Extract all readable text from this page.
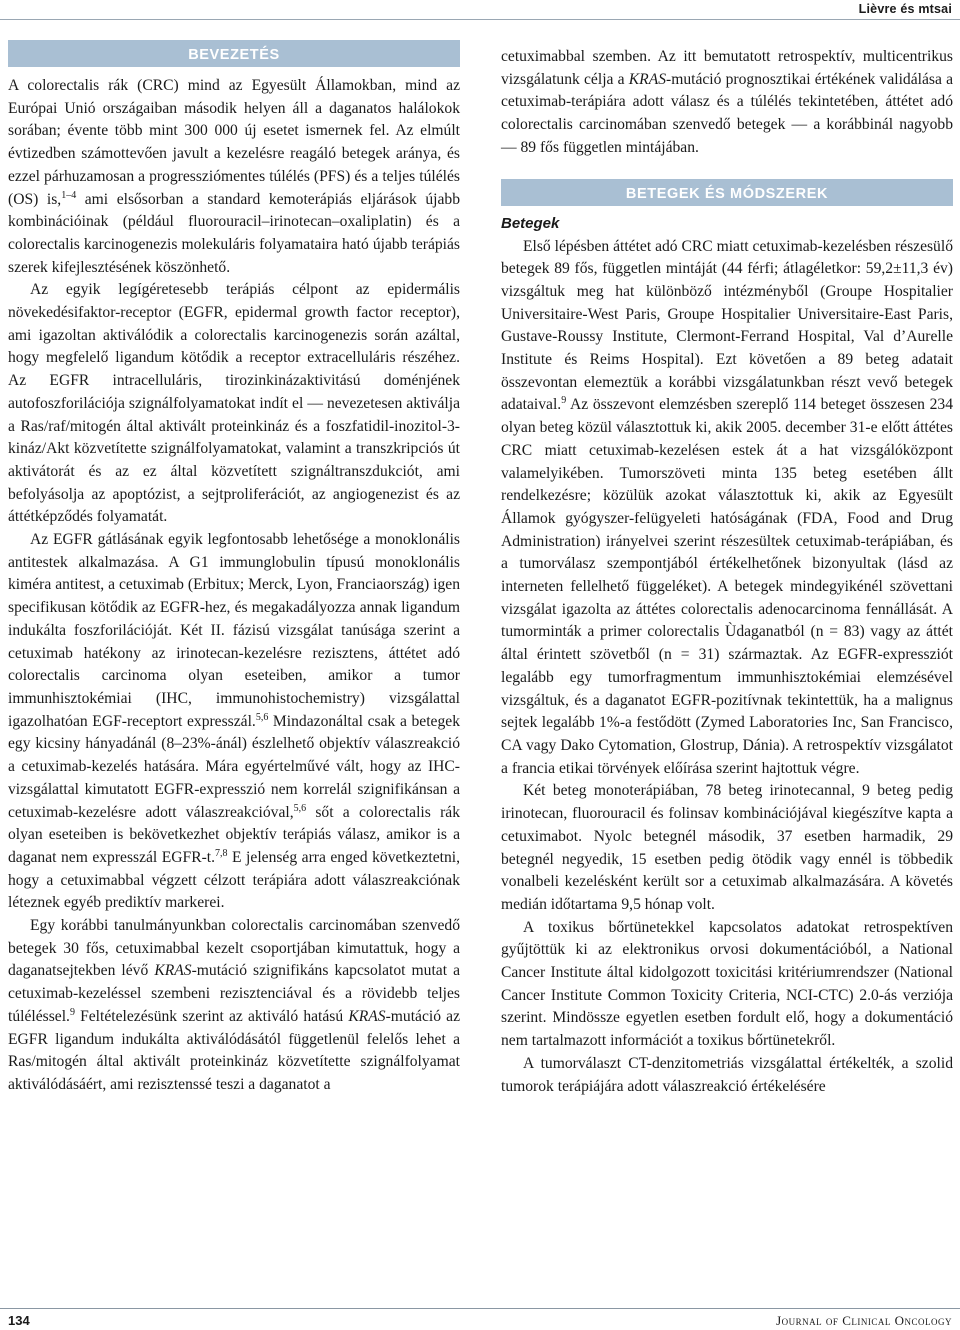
Lièvre és mtsai
BEVEZETÉS

A colorectalis rák (CRC) mind az Egyesült Államokban, mind az Európai Unió országaiban második helyen áll a daganatos halálokok sorában; évente több mint 300 000 új esetet ismernek fel. Az elmúlt évtizedben számottevően javult a kezelésre reagáló betegek aránya, és ezzel párhuzamosan a progressziómentes túlélés (PFS) és a teljes túlélés (OS) is,$^{1-4}$ ami elsősorban a standard kemoterápiás eljárások újabb kombinációinak (például fluorouracil–irinotecan–oxaliplatin) és a colorectalis karcinogenezis molekuláris folyamataira ható újabb terápiás szerek kifejlesztésének köszönhető.

Az egyik legígéretesebb terápiás célpont az epidermális növekedésifaktor-receptor (EGFR, epidermal growth factor receptor), ami igazoltan aktiválódik a colorectalis karcinogenezis során azáltal, hogy megfelelő ligandum kötődik a receptor extracelluláris részéhez. Az EGFR intracelluláris, tirozinkinázaktivitású doménjének autofoszforilációja szignálfolyamatokat indít el — nevezetesen aktiválja a Ras/raf/mitogén által aktivált proteinkináz és a foszfatidil-inozitol-3-kináz/Akt közvetítette szignálfolyamatokat, valamint a transzkripciós út aktivátorát és az ez által közvetített szignáltranszdukciót, ami befolyásolja az apoptózist, a sejtproliferációt, az angiogenezist és az áttétképződés folyamatát.

Az EGFR gátlásának egyik legfontosabb lehetősége a monoklonális antitestek alkalmazása. A G1 immunglobulin típusú monoklonális kiméra antitest, a cetuximab (Erbitux; Merck, Lyon, Franciaország) igen specifikusan kötődik az EGFR-hez, és megakadályozza annak ligandum indukálta foszforilációját. Két II. fázisú vizsgálat tanúsága szerint a cetuximab hatékony az irinotecan-kezelésre rezisztens, áttétet adó colorectalis carcinoma olyan eseteiben, amikor a tumor immunhisztokémiai (IHC, immunohistochemistry) vizsgálattal igazolhatóan EGF-receptort expresszál.$^{5,6}$ Mindazonáltal csak a betegek egy kicsiny hányadánál (8–23%-ánál) észlelhető objektív válaszreakció a cetuximab-kezelés hatására. Mára egyértelművé vált, hogy az IHC-vizsgálattal kimutatott EGFR-expresszió nem korrelál szignifikánsan a cetuximab-kezelésre adott válaszreakcióval,$^{5,6}$ sőt a colorectalis rák olyan eseteiben is bekövetkezhet objektív terápiás válasz, amikor is a daganat nem expresszál EGFR-t.$^{7,8}$ E jelenség arra enged következtetni, hogy a cetuximabbal végzett célzott terápiára adott válaszreakciónak léteznek egyéb prediktív markerei.

Egy korábbi tanulmányunkban colorectalis carcinomában szenvedő betegek 30 fős, cetuximabbal kezelt csoportjában kimutattuk, hogy a daganatsejtekben lévő KRAS-mutáció szignifikáns kapcsolatot mutat a cetuximab-kezeléssel szembeni rezisztenciával és a rövidebb teljes túléléssel.$^9$ Feltételezésünk szerint az aktiváló hatású KRAS-mutáció az EGFR ligandum indukálta aktiválódásától függetlenül felelős lehet a Ras/mitogén által aktivált proteinkináz közvetítette szignálfolyamat aktiválódásáért, ami rezisztenssé teszi a daganatot a

cetuximabbal szemben. Az itt bemutatott retrospektív, multicentrikus vizsgálatunk célja a KRAS-mutáció prognosztikai értékének validálása a cetuximab-terápiára adott válasz és a túlélés tekintetében, áttétet adó colorectalis carcinomában szenvedő betegek — a korábbinál nagyobb — 89 fős független mintájában.

BETEGEK ÉS MÓDSZEREK
Betegek

Első lépésben áttétet adó CRC miatt cetuximab-kezelésben részesülő betegek 89 fős, független mintáját (44 férfi; átlagéletkor: 59,2±11,3 év) vizsgáltuk meg hat különböző intézményből (Groupe Hospitalier Universitaire-West Paris, Groupe Hospitalier Universitaire-East Paris, Gustave-Roussy Institute, Clermont-Ferrand Hospital, Val d’Aurelle Institute és Reims Hospital). Ezt követően a 89 beteg adatait összevontan elemeztük a korábbi vizsgálatunkban részt vevő betegek adataival.$^9$ Az összevont elemzésben szereplő 114 beteget összesen 234 olyan beteg közül választottuk ki, akik 2005. december 31-e előtt áttétes CRC miatt cetuximab-kezelésen estek át a hat vizsgálóközpont valamelyikében. Tumorszöveti minta 135 beteg esetében állt rendelkezésre; közülük azokat választottuk ki, akik az Egyesült Államok gyógyszer-felügyeleti hatóságának (FDA, Food and Drug Administration) irányelvei szerint részesültek cetuximab-terápiában, és a tumorválasz szempontjából értékelhetőnek bizonyultak (lásd az interneten fellelhető függeléket). A betegek mindegyikénél szövettani vizsgálat igazolta az áttétes colorectalis adenocarcinoma fennállását. A tumorminták a primer colorectalis Ùdaganatból (n = 83) vagy az áttét által érintett szövetből (n = 31) származtak. Az EGFR-expressziót legalább egy tumorfragmentum immunhisztokémiai elemzésével vizsgáltuk, és a daganatot EGFR-pozitívnak tekintettük, ha a malignus sejtek legalább 1%-a festődött (Zymed Laboratories Inc, San Francisco, CA vagy Dako Cytomation, Glostrup, Dánia). A retrospektív vizsgálatot a francia etikai törvények előírása szerint hajtottuk végre.

Két beteg monoterápiában, 78 beteg irinotecannal, 9 beteg pedig irinotecan, fluorouracil és folinsav kombinációjával kiegészítve kapta a cetuximabot. Nyolc betegnél második, 37 esetben harmadik, 29 betegnél negyedik, 15 esetben pedig ötödik vagy ennél is többedik vonalbeli kezelésként került sor a cetuximab alkalmazására. A követés medián időtartama 9,5 hónap volt.

A toxikus bőrtünetekkel kapcsolatos adatokat retrospektíven gyűjtöttük ki az elektronikus orvosi dokumentációból, a National Cancer Institute által kidolgozott toxicitási kritériumrendszer (National Cancer Institute Common Toxicity Criteria, NCI-CTC) 2.0-ás verziója szerint. Mindössze egyetlen esetben fordult elő, hogy a dokumentáció nem tartalmazott információt a toxikus bőrtünetekről.

A tumorválaszt CT-denzitometriás vizsgálattal értékelték, a szolid tumorok terápiájára adott válaszreakció értékelésére

134	Journal of Clinical Oncology
